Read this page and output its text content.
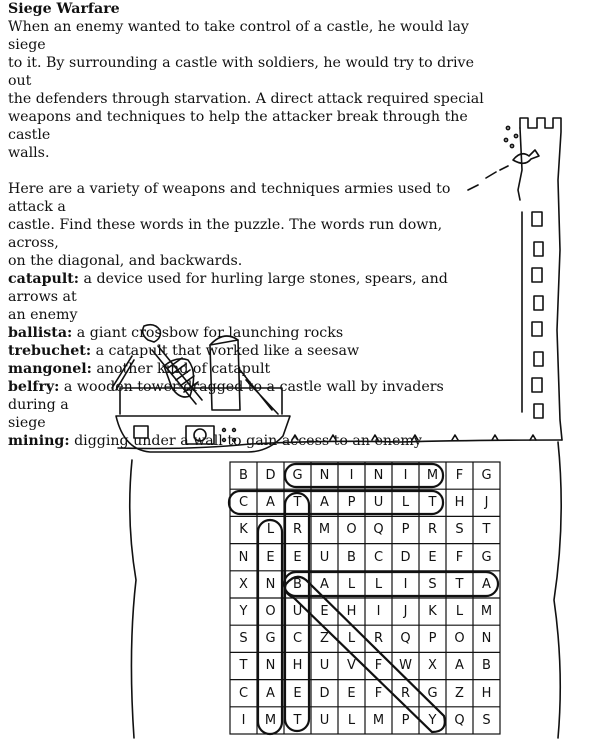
Siege Warfare
When an enemy wanted to take control of a castle, he would lay siege
to it. By surrounding a castle with soldiers, he would try to drive out
the defenders through starvation. A direct attack required special
weapons and techniques to help the attacker break through the castle
walls.
Here are a variety of weapons and techniques armies used to attack a
castle. Find these words in the puzzle. The words run down, across,
on the diagonal, and backwards.
catapult: a device used for hurling large stones, spears, and arrows at
an enemy
ballista: a giant crossbow for launching rocks
trebuchet: a catapult that worked like a seesaw
mangonel: another kind of catapult
belfry: a wooden tower dragged to a castle wall by invaders during a
siege
mining: digging under a wall to gain access to an enemy
B	D	G	N	I	N	I	M	F	G
C	A	T	A	P	U	L	T	H	J
K	L	R	M	O	Q	P	R	S	T
N	E	E	U	B	C	D	E	F	G
X	N	B	A	L	L	I	S	T	A
Y	O	U	E	H	I	J	K	L	M
S	G	C	Z	L	R	Q	P	O	N
T	N	H	U	V	F	W	X	A	B
C	A	E	D	E	F	R	G	Z	H
I	M	T	U	L	M	P	Y	Q	S
